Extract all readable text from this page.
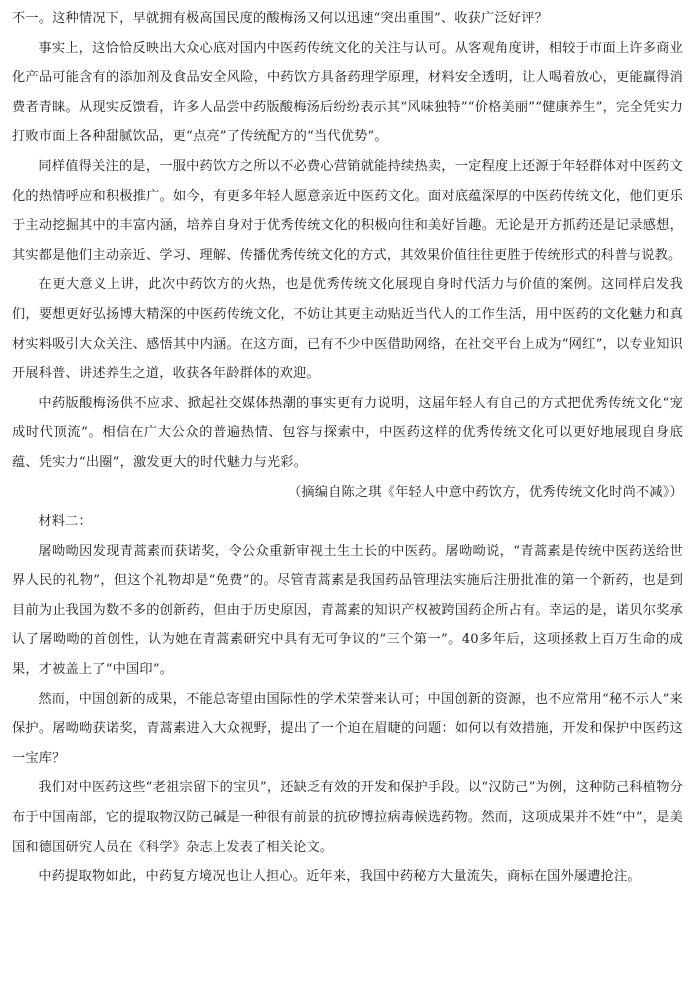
不一。这种情况下，早就拥有极高国民度的酸梅汤又何以迅速“突出重围”、收获广泛好评？

事实上，这恰恰反映出大众心底对国内中医药传统文化的关注与认可。从客观角度讲，相较于市面上许多商业化产品可能含有的添加剂及食品安全风险，中药饮方具备药理学原理，材料安全透明，让人喝着放心，更能赢得消费者青睐。从现实反馈看，许多人品尝中药版酸梅汤后纷纷表示其“风味独特”“价格美丽”“健康养生”，完全凭实力打败市面上各种甜腻饮品，更“点亮”了传统配方的“当代优势”。

同样值得关注的是，一服中药饮方之所以不必费心营销就能持续热卖，一定程度上还源于年轻群体对中医药文化的热情呼应和积极推广。如今，有更多年轻人愿意亲近中医药文化。面对底蕴深厚的中医药传统文化，他们更乐于主动挖掘其中的丰富内涵，培养自身对于优秀传统文化的积极向往和美好旨趣。无论是开方抓药还是记录感想，其实都是他们主动亲近、学习、理解、传播优秀传统文化的方式，其效果价值往往更胜于传统形式的科普与说教。

在更大意义上讲，此次中药饮方的火热，也是优秀传统文化展现自身时代活力与价值的案例。这同样启发我们，要想更好弘扬博大精深的中医药传统文化，不妨让其更主动贴近当代人的工作生活，用中医药的文化魅力和真材实料吸引大众关注、感悟其中内涵。在这方面，已有不少中医借助网络，在社交平台上成为“网红”，以专业知识开展科普、讲述养生之道，收获各年龄群体的欢迎。

中药版酸梅汤供不应求、掀起社交媒体热潮的事实更有力说明，这届年轻人有自己的方式把优秀传统文化“宠成时代顶流”。相信在广大公众的普遍热情、包容与探索中，中医药这样的优秀传统文化可以更好地展现自身底蕴、凭实力“出圈”，激发更大的时代魅力与光彩。

（摘编自陈之琪《年轻人中意中药饮方，优秀传统文化时尚不减》）

材料二：

屠呦呦因发现青蒿素而获诺奖，令公众重新审视土生土长的中医药。屠呦呦说，“青蒿素是传统中医药送给世界人民的礼物”，但这个礼物却是“免费”的。尽管青蒿素是我国药品管理法实施后注册批准的第一个新药，也是到目前为止我国为数不多的创新药，但由于历史原因，青蒿素的知识产权被跨国药企所占有。幸运的是，诺贝尔奖承认了屠呦呦的首创性，认为她在青蒿素研究中具有无可争议的“三个第一”。40多年后，这项拯救上百万生命的成果，才被盖上了“中国印”。

然而，中国创新的成果，不能总寄望由国际性的学术荣誉来认可；中国创新的资源，也不应常用“秘不示人”来保护。屠呦呦获诺奖，青蒿素进入大众视野，提出了一个迫在眉睫的问题：如何以有效措施，开发和保护中医药这一宝库？

我们对中医药这些“老祖宗留下的宝贝”，还缺乏有效的开发和保护手段。以“汉防己”为例，这种防己科植物分布于中国南部，它的提取物汉防己碱是一种很有前景的抗矽博拉病毒候选药物。然而，这项成果并不姓“中”，是美国和德国研究人员在《科学》杂志上发表了相关论文。

中药提取物如此，中药复方境况也让人担心。近年来，我国中药秘方大量流失，商标在国外屡遭抢注。
